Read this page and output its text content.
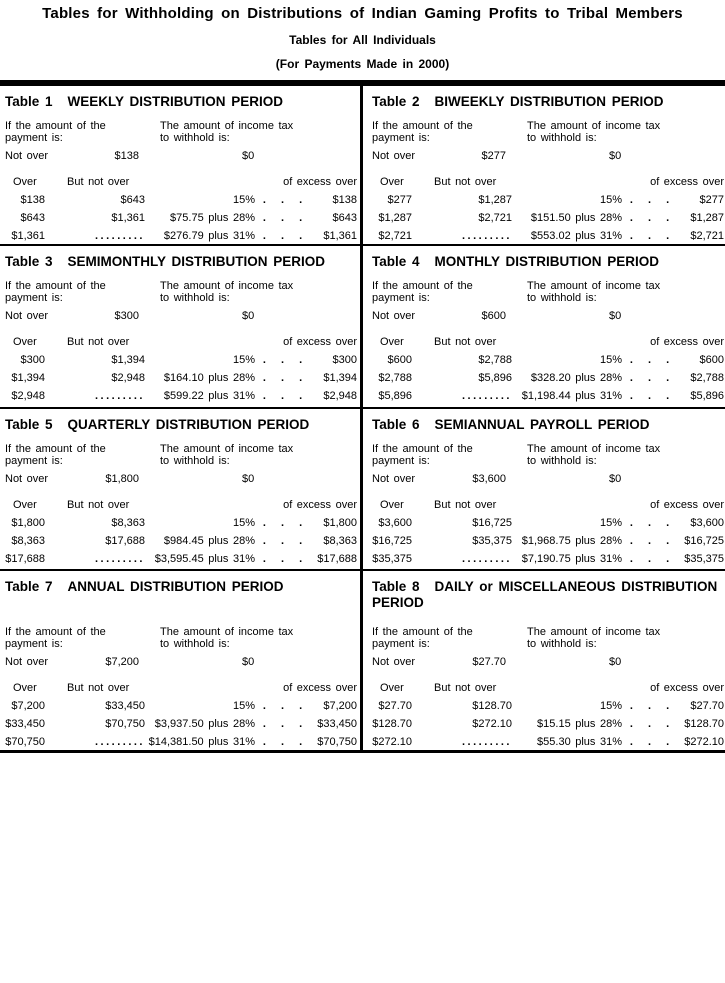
Tables for Withholding on Distributions of Indian Gaming Profits to Tribal Members
Tables for All Individuals
(For Payments Made in 2000)
Table 1 WEEKLY DISTRIBUTION PERIOD
If the amount of the
payment is:
The amount of income tax
to withhold is:
Not over	$138	$0
Over	But not over	of excess over
$138	$643	15% . . .	$138
$643	$1,361	$75.75 plus 28% . . .	$643
$1,361	.........	$276.79 plus 31% . . .	$1,361
Table 2 BIWEEKLY DISTRIBUTION PERIOD
If the amount of the
payment is:
The amount of income tax
to withhold is:
Not over	$277	$0
Over	But not over	of excess over
$277	$1,287	15% . . .	$277
$1,287	$2,721	$151.50 plus 28% . . .	$1,287
$2,721	.........	$553.02 plus 31% . . .	$2,721
Table 3 SEMIMONTHLY DISTRIBUTION PERIOD
If the amount of the
payment is:
The amount of income tax
to withhold is:
Not over	$300	$0
Over	But not over	of excess over
$300	$1,394	15% . . .	$300
$1,394	$2,948	$164.10 plus 28% . . .	$1,394
$2,948	.........	$599.22 plus 31% . . .	$2,948
Table 4 MONTHLY DISTRIBUTION PERIOD
If the amount of the
payment is:
The amount of income tax
to withhold is:
Not over	$600	$0
Over	But not over	of excess over
$600	$2,788	15% . . .	$600
$2,788	$5,896	$328.20 plus 28% . . .	$2,788
$5,896	......... $1,198.44 plus 31% . . .	$5,896
Table 5 QUARTERLY DISTRIBUTION PERIOD
If the amount of the
payment is:
The amount of income tax
to withhold is:
Not over	$1,800	$0
Over	But not over	of excess over
$1,800	$8,363	15% . . .	$1,800
$8,363	$17,688	$984.45 plus 28% . . .	$8,363
$17,688	......... $3,595.45 plus 31% . . .	$17,688
Table 6 SEMIANNUAL PAYROLL PERIOD
If the amount of the
payment is:
The amount of income tax
to withhold is:
Not over	$3,600	$0
Over	But not over	of excess over
$3,600	$16,725	15% . . .	$3,600
$16,725	$35,375 $1,968.75 plus 28% . . .	$16,725
$35,375	......... $7,190.75 plus 31% . . .	$35,375
Table 7 ANNUAL DISTRIBUTION PERIOD
If the amount of the
payment is:
The amount of income tax
to withhold is:
Not over	$7,200	$0
Over	But not over	of excess over
$7,200	$33,450	15% . . .	$7,200
$33,450	$70,750 $3,937.50 plus 28% . . .	$33,450
$70,750	......... $14,381.50 plus 31% . . .	$70,750
Table 8 DAILY or MISCELLANEOUS DISTRIBUTION PERIOD
If the amount of the
payment is:
The amount of income tax
to withhold is:
Not over	$27.70	$0
Over	But not over	of excess over
$27.70	$128.70	15% . . .	$27.70
$128.70	$272.10	$15.15 plus 28% . . .	$128.70
$272.10	.........	$55.30 plus 31% . . .	$272.10
